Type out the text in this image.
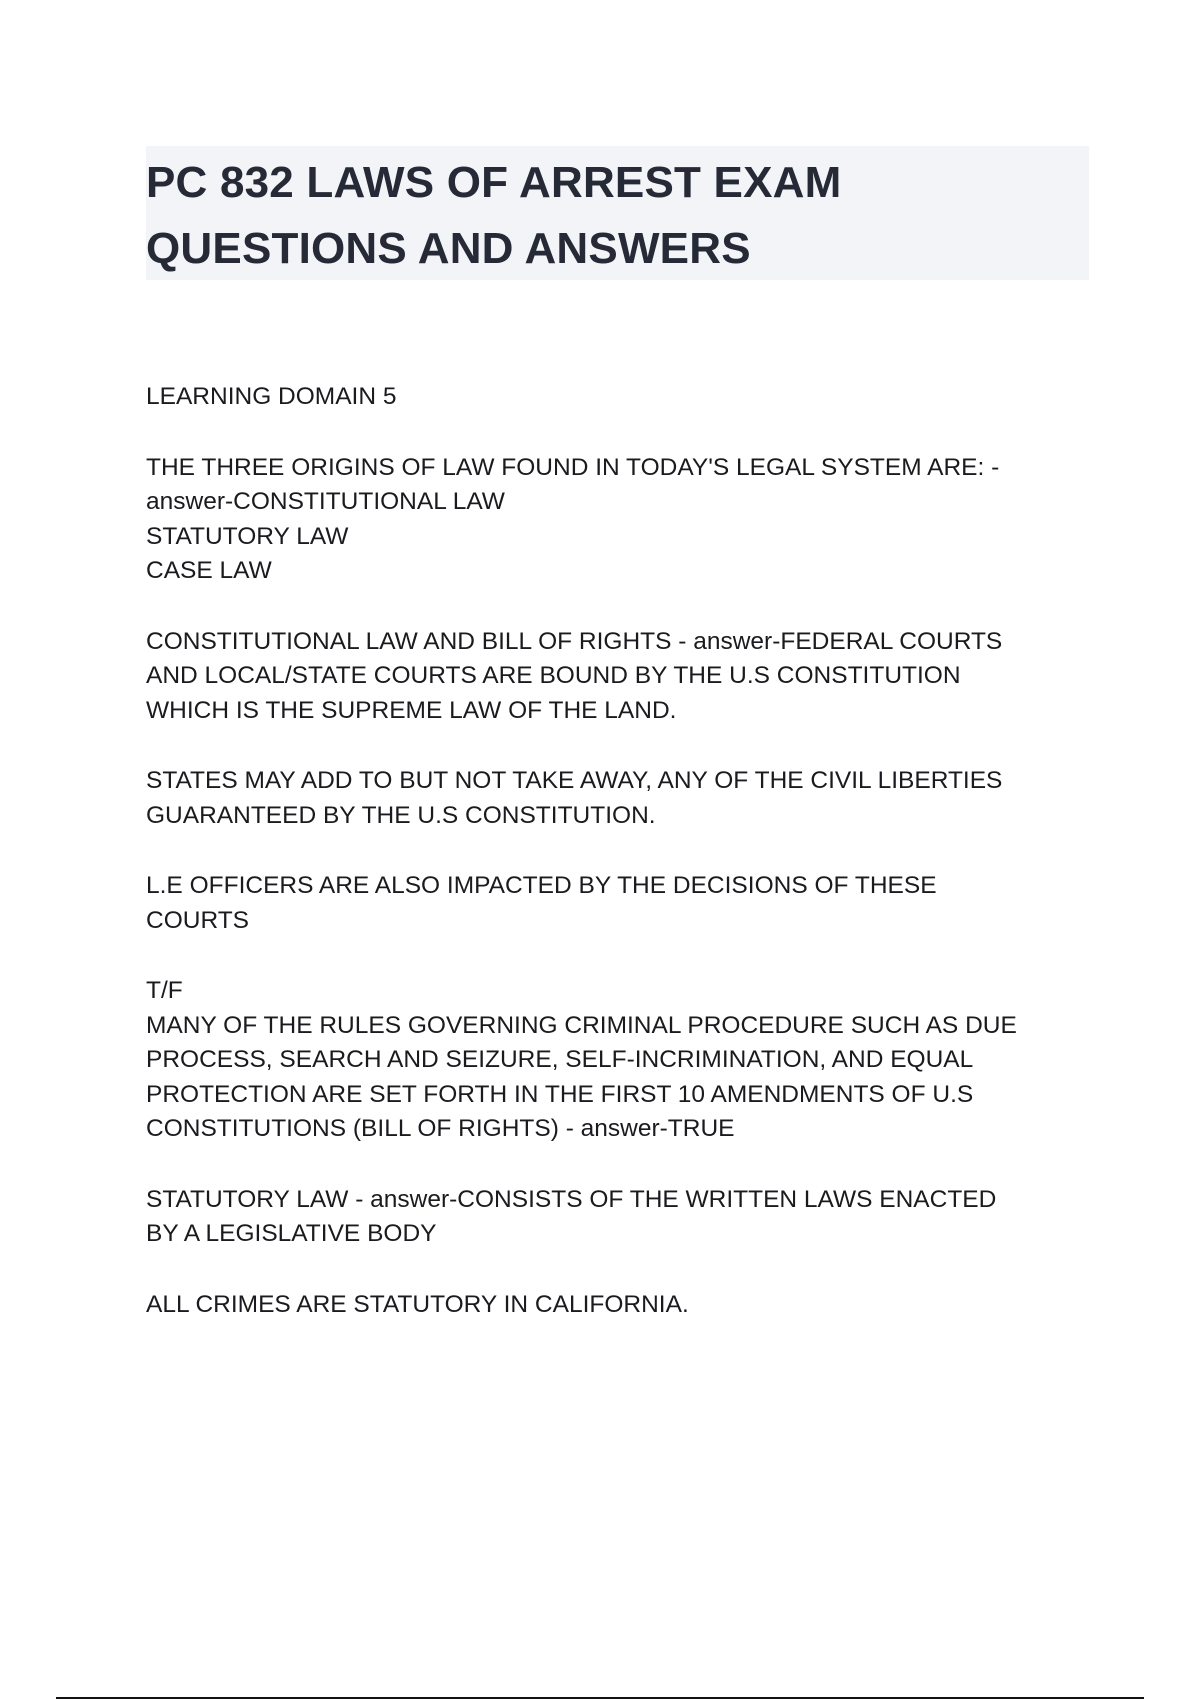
PC 832 LAWS OF ARREST EXAM
QUESTIONS AND ANSWERS
LEARNING DOMAIN 5
THE THREE ORIGINS OF LAW FOUND IN TODAY'S LEGAL SYSTEM ARE: -
answer-CONSTITUTIONAL LAW
STATUTORY LAW
CASE LAW
CONSTITUTIONAL LAW AND BILL OF RIGHTS - answer-FEDERAL COURTS
AND LOCAL/STATE COURTS ARE BOUND BY THE U.S CONSTITUTION
WHICH IS THE SUPREME LAW OF THE LAND.
STATES MAY ADD TO BUT NOT TAKE AWAY, ANY OF THE CIVIL LIBERTIES
GUARANTEED BY THE U.S CONSTITUTION.
L.E OFFICERS ARE ALSO IMPACTED BY THE DECISIONS OF THESE
COURTS
T/F
MANY OF THE RULES GOVERNING CRIMINAL PROCEDURE SUCH AS DUE
PROCESS, SEARCH AND SEIZURE, SELF-INCRIMINATION, AND EQUAL
PROTECTION ARE SET FORTH IN THE FIRST 10 AMENDMENTS OF U.S
CONSTITUTIONS (BILL OF RIGHTS) - answer-TRUE
STATUTORY LAW - answer-CONSISTS OF THE WRITTEN LAWS ENACTED
BY A LEGISLATIVE BODY
ALL CRIMES ARE STATUTORY IN CALIFORNIA.
